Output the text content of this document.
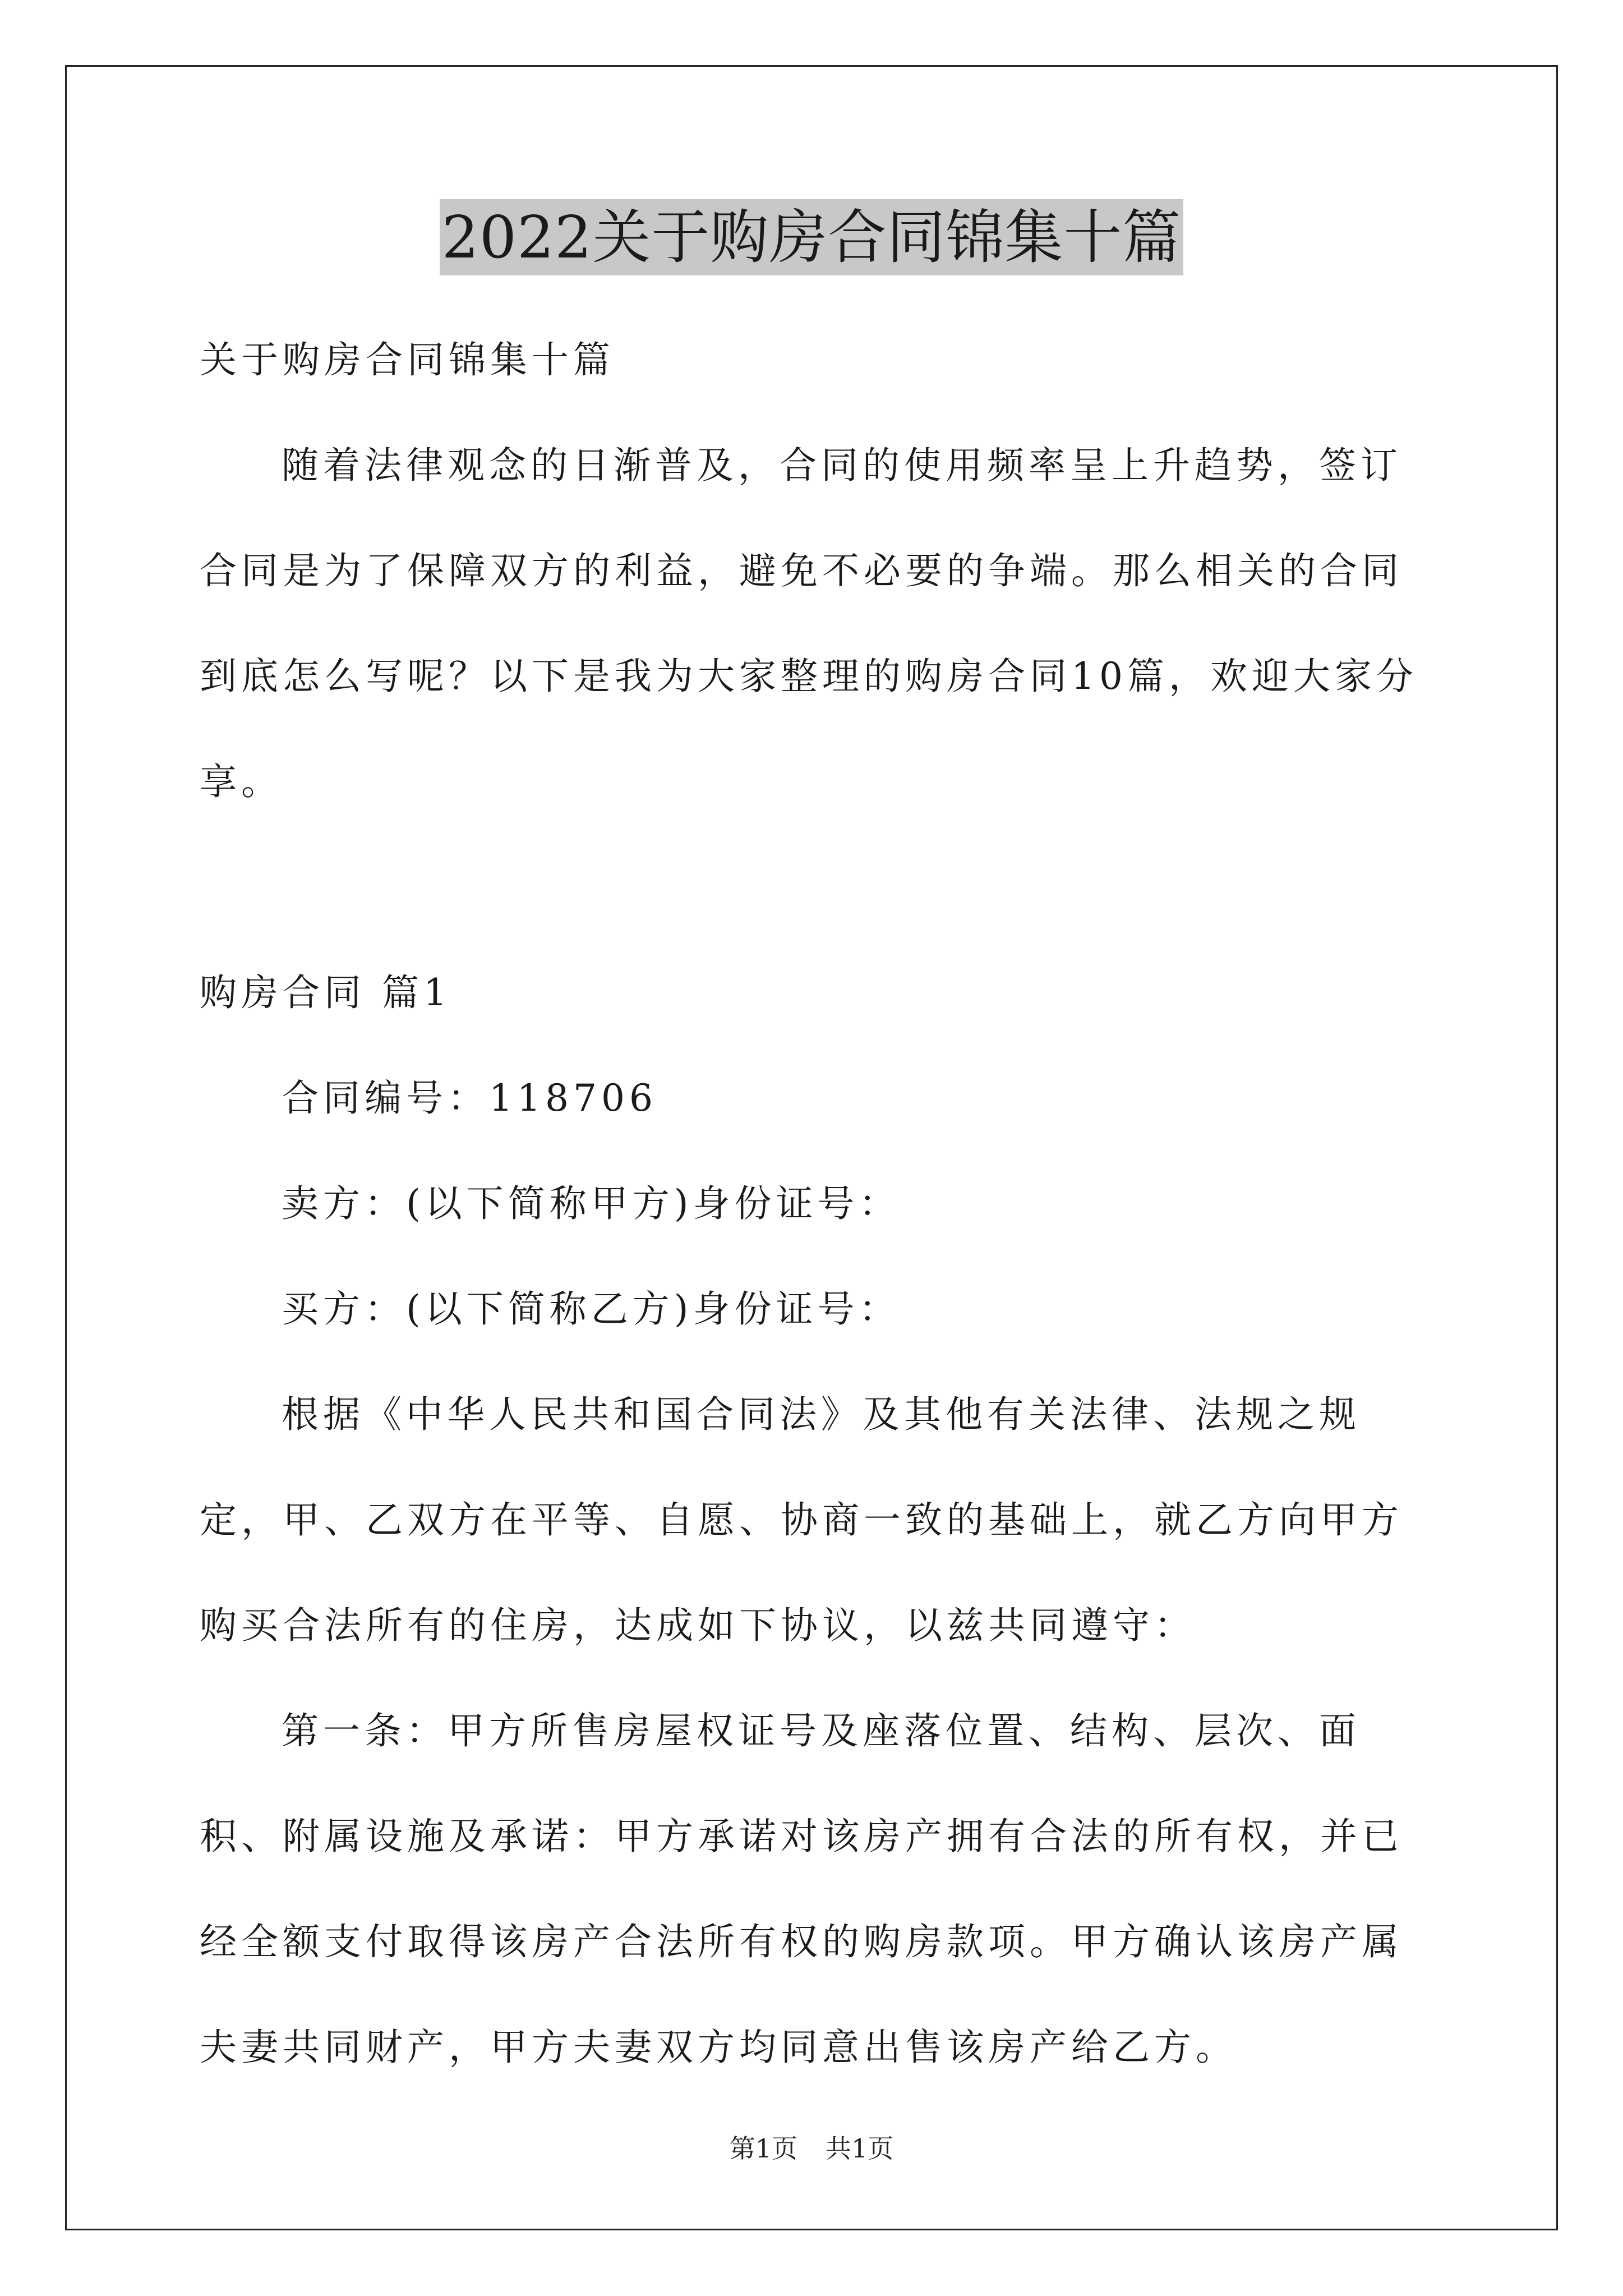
2022关于购房合同锦集十篇

关于购房合同锦集十篇

随着法律观念的日渐普及，合同的使用频率呈上升趋势，签订合同是为了保障双方的利益，避免不必要的争端。那么相关的合同到底怎么写呢？以下是我为大家整理的购房合同10篇，欢迎大家分享。

购房合同 篇1

合同编号：118706

卖方：(以下简称甲方)身份证号：

买方：(以下简称乙方)身份证号：

根据《中华人民共和国合同法》及其他有关法律、法规之规定，甲、乙双方在平等、自愿、协商一致的基础上，就乙方向甲方购买合法所有的住房，达成如下协议，以兹共同遵守：

第一条：甲方所售房屋权证号及座落位置、结构、层次、面积、附属设施及承诺：甲方承诺对该房产拥有合法的所有权，并已经全额支付取得该房产合法所有权的购房款项。甲方确认该房产属夫妻共同财产，甲方夫妻双方均同意出售该房产给乙方。

第1页 共1页
